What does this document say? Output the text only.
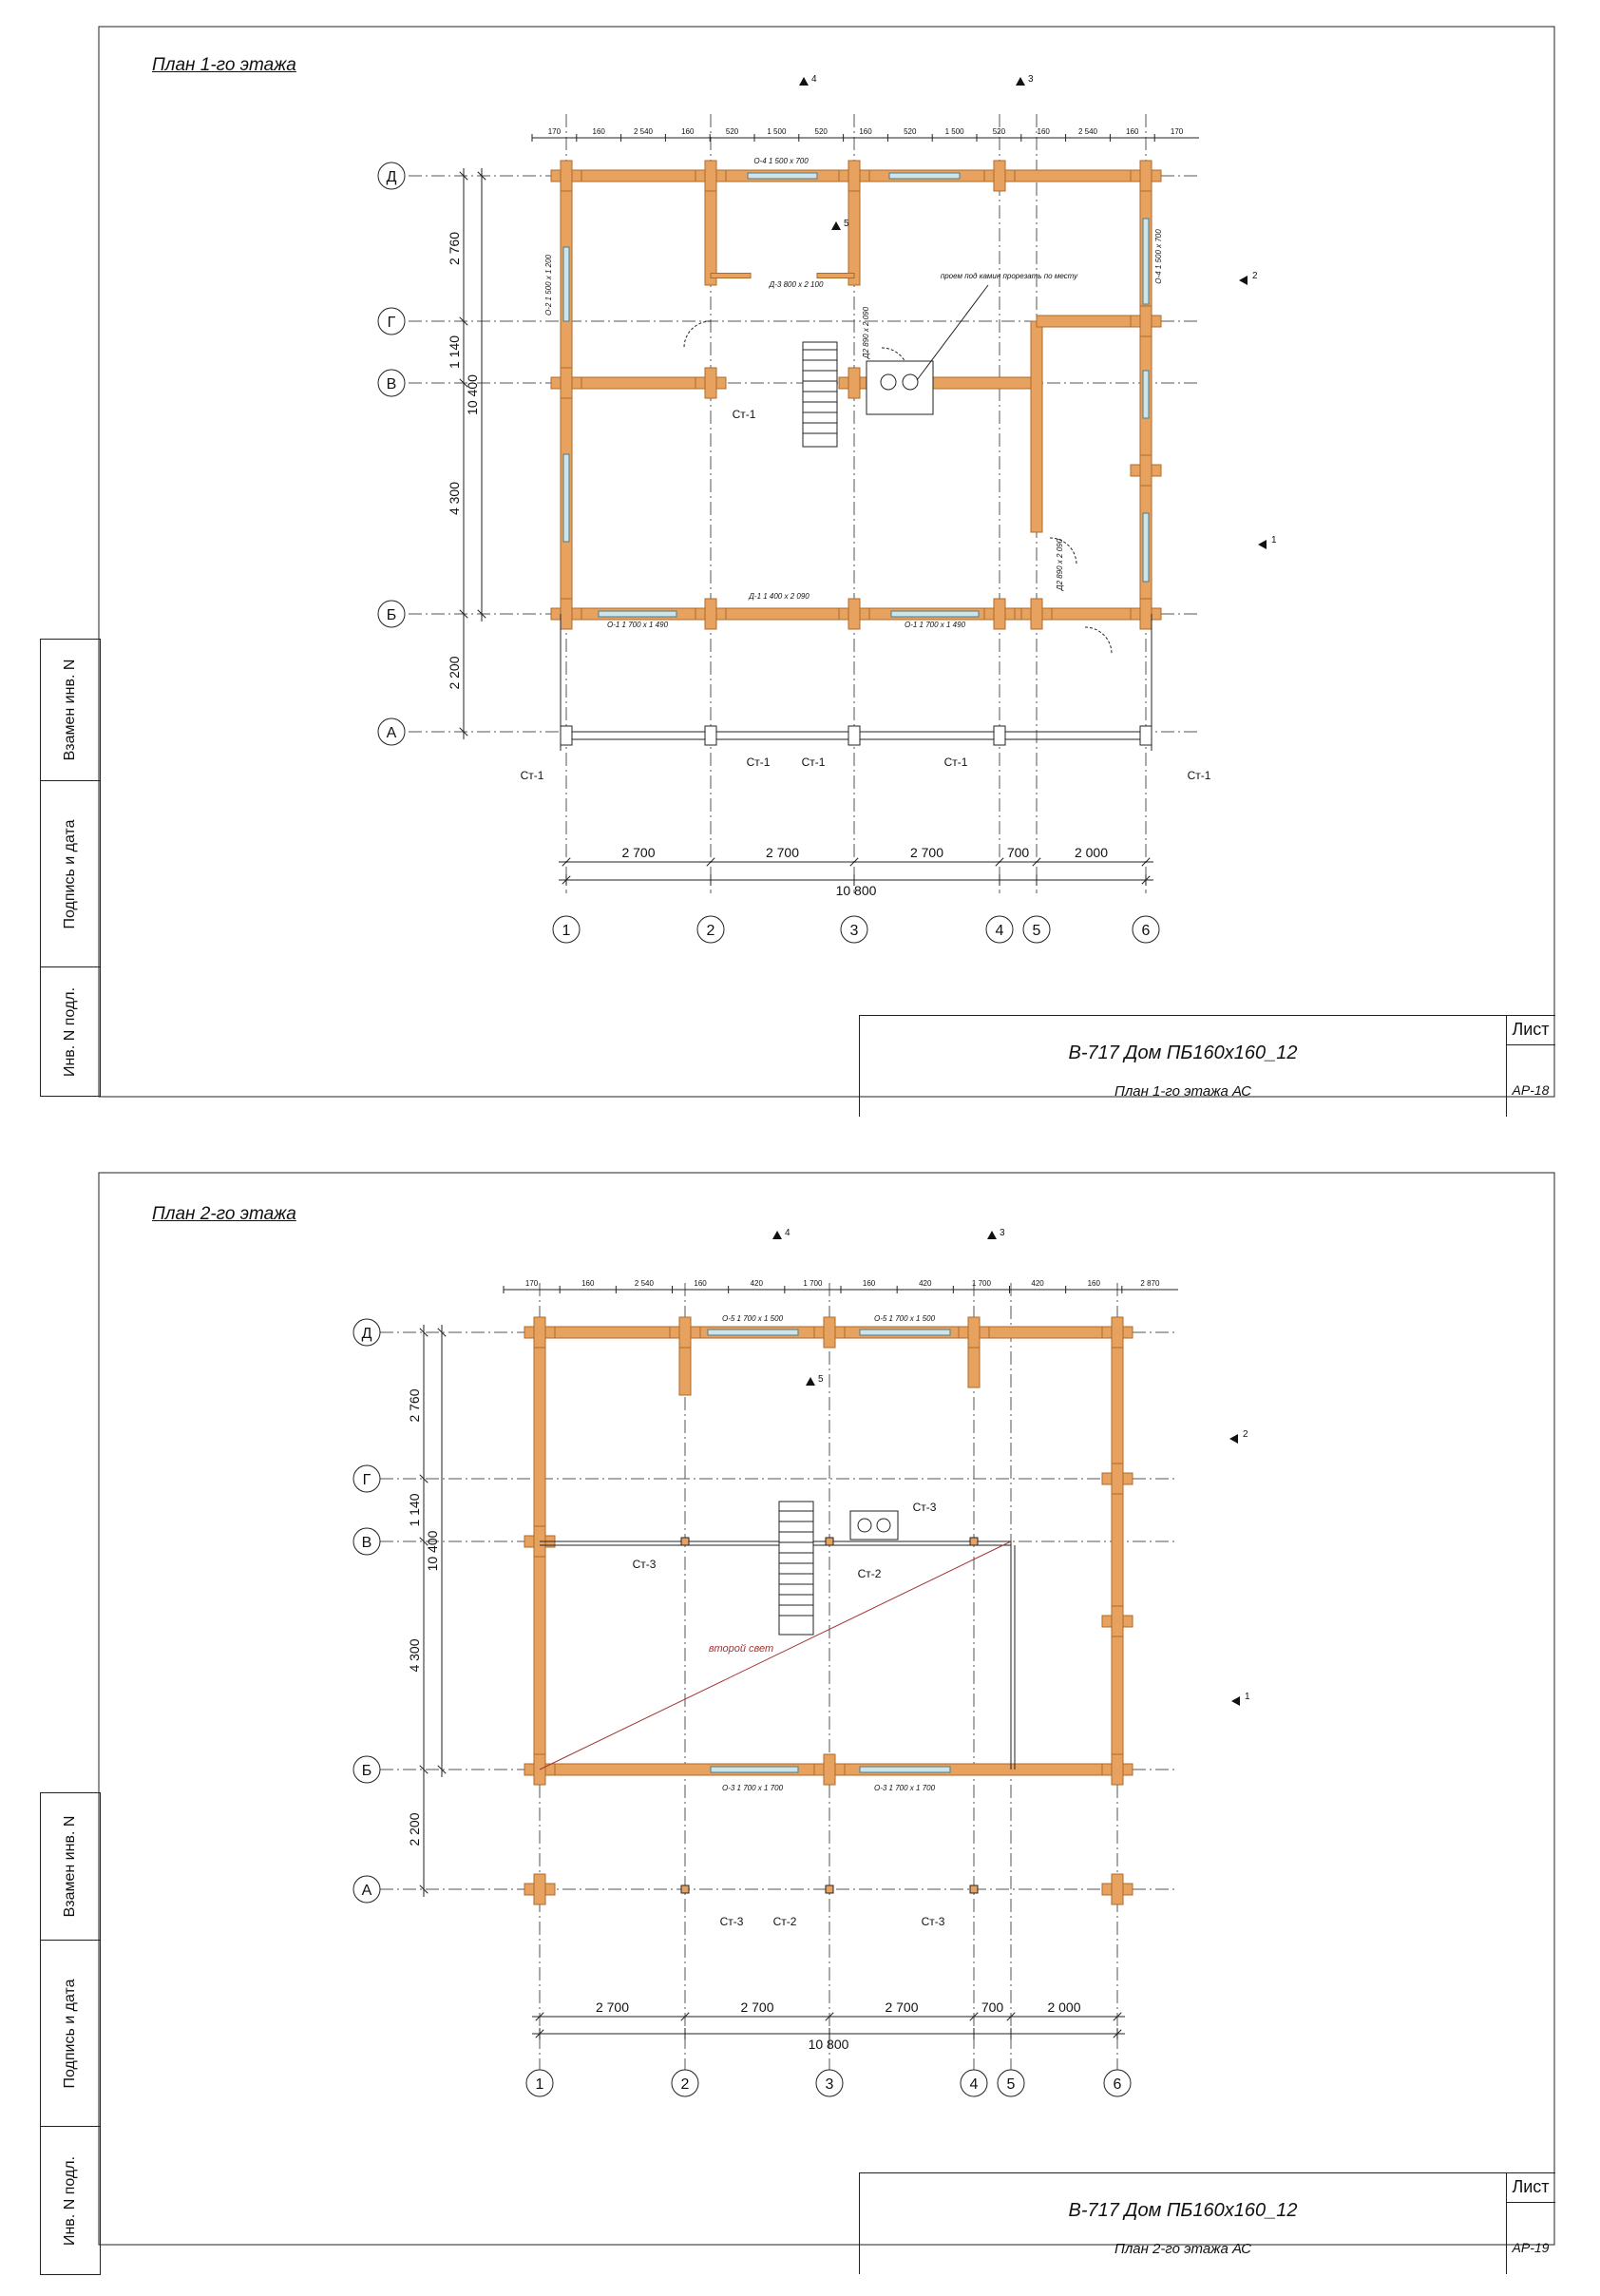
Д
Г
В
Б
А
1	2	3	4 5	6
2 700	2 700	2 700	700	2 000
10 800
2 760
1 140
4 300
2 200
10 400
170	160	2 540	160	520	1 500	520	160	520	1 500	520	160	2 540	160	170
О-4 1 500 х 700
О-2 1 500 х 1 200
О-1 1 700 х 1 490	О-1 1 700 х 1 490
О-4 1 500 х 700
Д-1 1 400 х 2 090
Д-3 800 х 2 100
Д2 890 х 2 090
Д2 890 х 2 090
проем под камин прорезать по месту
Ст-1
Ст-1
Ст-1	Ст-1	Ст-1
Ст-1
4	3
5
2
1
План 1-го этажа
Взамен инв. N
Подпись и дата
Инв. N подл.	В-717 Дом ПБ160х160_12
План 1-го этажа АС
Лист
АР-18
Д
Г
В
Б
А
1	2	3	4 5	6
2 700	2 700	2 700	700	2 000
10 800
2 760
1 140
4 300
2 200
10 400
170	160	2 540	160	420	1 700	160	420	1 700	420	160	2 870
второй свет
О-5 1 700 х 1 500	О-5 1 700 х 1 500
О-3 1 700 х 1 700	О-3 1 700 х 1 700
Ст-3
Ст-2
Ст-3
Ст-3	Ст-2	Ст-3
4	3
5
2
1
План 2-го этажа
Взамен инв. N
Подпись и дата
Инв. N подл.	В-717 Дом ПБ160х160_12
План 2-го этажа АС
Лист
АР-19
